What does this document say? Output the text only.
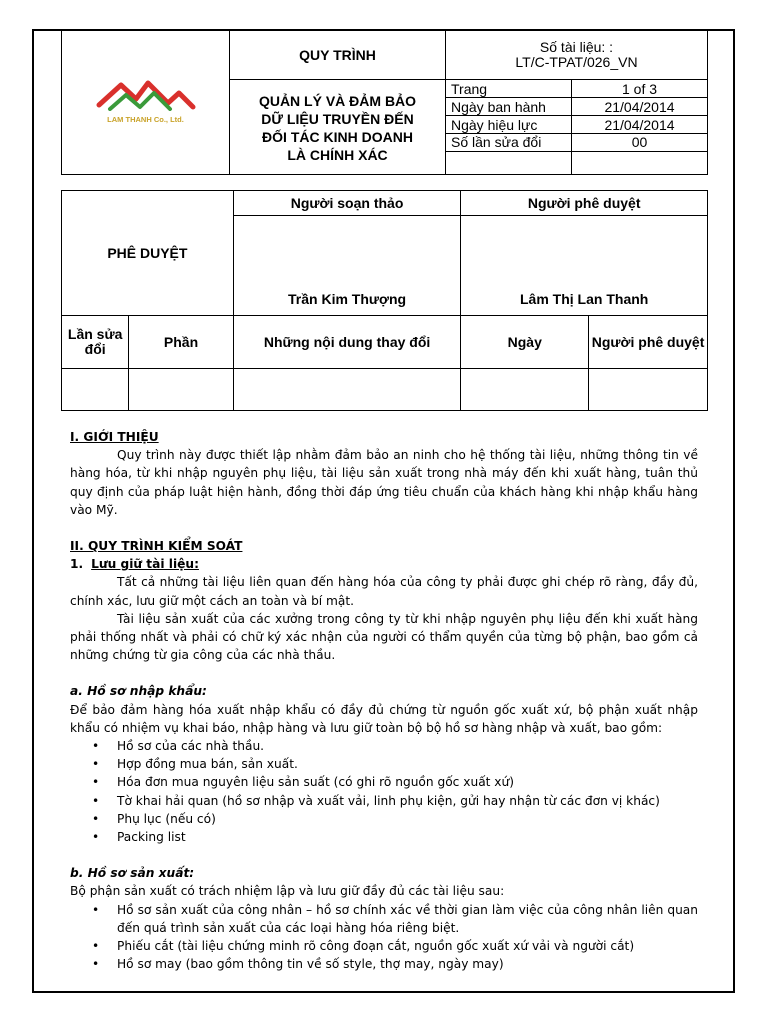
LAM THANH Co., Ltd.	QUY TRÌNH	Số tài liệu: :
LT/C-TPAT/026_VN	

	QUẢN LÝ VÀ ĐẢM BẢO
DỮ LIỆU TRUYỀN ĐẾN
ĐỐI TÁC KINH DOANH
LÀ CHÍNH XÁC	Trang	1 of 3
		Ngày ban hành	21/04/2014
		Ngày hiệu lực	21/04/2014
		Số lần sửa đổi	00

PHÊ DUYỆT		Người soạn thảo	Người phê duyệt	

		Trần Kim Thượng	Lâm Thị Lan Thanh	
Lần sửa đổi	Phần	Những nội dung thay đổi	Ngày	Người phê duyệt

I. GIỚI THIỆU

Quy trình này được thiết lập nhằm đảm bảo an ninh cho hệ thống tài liệu, những thông tin về hàng hóa, từ khi nhập nguyên phụ liệu, tài liệu sản xuất trong nhà máy đến khi xuất hàng, tuân thủ quy định của pháp luật hiện hành, đồng thời đáp ứng tiêu chuẩn của khách hàng khi nhập khẩu hàng vào Mỹ.

II. QUY TRÌNH KIỂM SOÁT

1. Lưu giữ tài liệu:

Tất cả những tài liệu liên quan đến hàng hóa của công ty phải được ghi chép rõ ràng, đầy đủ, chính xác, lưu giữ một cách an toàn và bí mật.

Tài liệu sản xuất của các xưởng trong công ty từ khi nhập nguyên phụ liệu đến khi xuất hàng phải thống nhất và phải có chữ ký xác nhận của người có thẩm quyền của từng bộ phận, bao gồm cả những chứng từ gia công của các nhà thầu.

a. Hồ sơ nhập khẩu:

Để bảo đảm hàng hóa xuất nhập khẩu có đầy đủ chứng từ nguồn gốc xuất xứ, bộ phận xuất nhập khẩu có nhiệm vụ khai báo, nhập hàng và lưu giữ toàn bộ bộ hồ sơ hàng nhập và xuất, bao gồm:

• Hồ sơ của các nhà thầu.
• Hợp đồng mua bán, sản xuất.
• Hóa đơn mua nguyên liệu sản suất (có ghi rõ nguồn gốc xuất xứ)
• Tờ khai hải quan (hồ sơ nhập và xuất vải, linh phụ kiện, gửi hay nhận từ các đơn vị khác)
• Phụ lục (nếu có)
• Packing list

b. Hồ sơ sản xuất:

Bộ phận sản xuất có trách nhiệm lập và lưu giữ đầy đủ các tài liệu sau:

• Hồ sơ sản xuất của công nhân – hồ sơ chính xác về thời gian làm việc của công nhân liên quan đến quá trình sản xuất của các loại hàng hóa riêng biệt.
• Phiếu cắt (tài liệu chứng minh rõ công đoạn cắt, nguồn gốc xuất xứ vải và người cắt)
• Hồ sơ may (bao gồm thông tin về số style, thợ may, ngày may)
